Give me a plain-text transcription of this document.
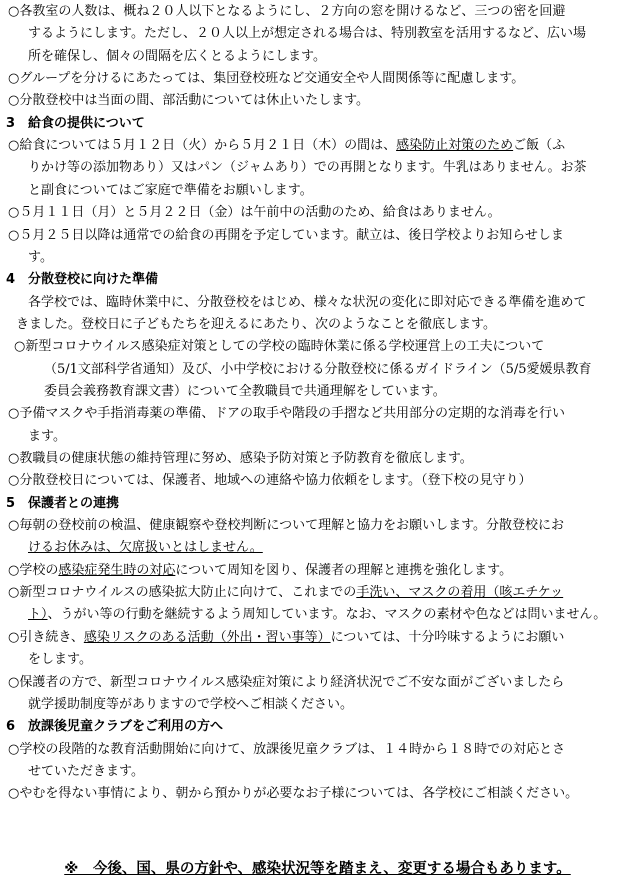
○各教室の人数は、概ね２０人以下となるようにし、２方向の窓を開けるなど、三つの密を回避
するようにします。ただし、２０人以上が想定される場合は、特別教室を活用するなど、広い場
所を確保し、個々の間隔を広くとるようにします。
○グループを分けるにあたっては、集団登校班など交通安全や人間関係等に配慮します。
○分散登校中は当面の間、部活動については休止いたします。
3　給食の提供について
○給食については５月１２日（火）から５月２１日（木）の間は、感染防止対策のためご飯（ふ
りかけ等の添加物あり）又はパン（ジャムあり）での再開となります。牛乳はありません。お茶
と副食についてはご家庭で準備をお願いします。
○５月１１日（月）と５月２２日（金）は午前中の活動のため、給食はありません。
○５月２５日以降は通常での給食の再開を予定しています。献立は、後日学校よりお知らせしま
す。
4　分散登校に向けた準備
各学校では、臨時休業中に、分散登校をはじめ、様々な状況の変化に即対応できる準備を進めて
きました。登校日に子どもたちを迎えるにあたり、次のようなことを徹底します。
○新型コロナウイルス感染症対策としての学校の臨時休業に係る学校運営上の工夫について
（5/1文部科学省通知）及び、小中学校における分散登校に係るガイドライン（5/5愛媛県教育
委員会義務教育課文書）について全教職員で共通理解をしています。
○予備マスクや手指消毒薬の準備、ドアの取手や階段の手摺など共用部分の定期的な消毒を行い
ます。
○教職員の健康状態の維持管理に努め、感染予防対策と予防教育を徹底します。
○分散登校日については、保護者、地域への連絡や協力依頼をします。（登下校の見守り）
5　保護者との連携
○毎朝の登校前の検温、健康観察や登校判断について理解と協力をお願いします。分散登校にお
けるお休みは、欠席扱いとはしません。
○学校の感染症発生時の対応について周知を図り、保護者の理解と連携を強化します。
○新型コロナウイルスの感染拡大防止に向けて、これまでの手洗い、マスクの着用（咳エチケッ
ト）、うがい等の行動を継続するよう周知しています。なお、マスクの素材や色などは問いません。
○引き続き、感染リスクのある活動（外出・習い事等）については、十分吟味するようにお願い
をします。
○保護者の方で、新型コロナウイルス感染症対策により経済状況でご不安な面がございましたら
就学援助制度等がありますので学校へご相談ください。
6　放課後児童クラブをご利用の方へ
○学校の段階的な教育活動開始に向けて、放課後児童クラブは、１４時から１８時での対応とさ
せていただきます。
○やむを得ない事情により、朝から預かりが必要なお子様については、各学校にご相談ください。
※　今後、国、県の方針や、感染状況等を踏まえ、変更する場合もあります。
